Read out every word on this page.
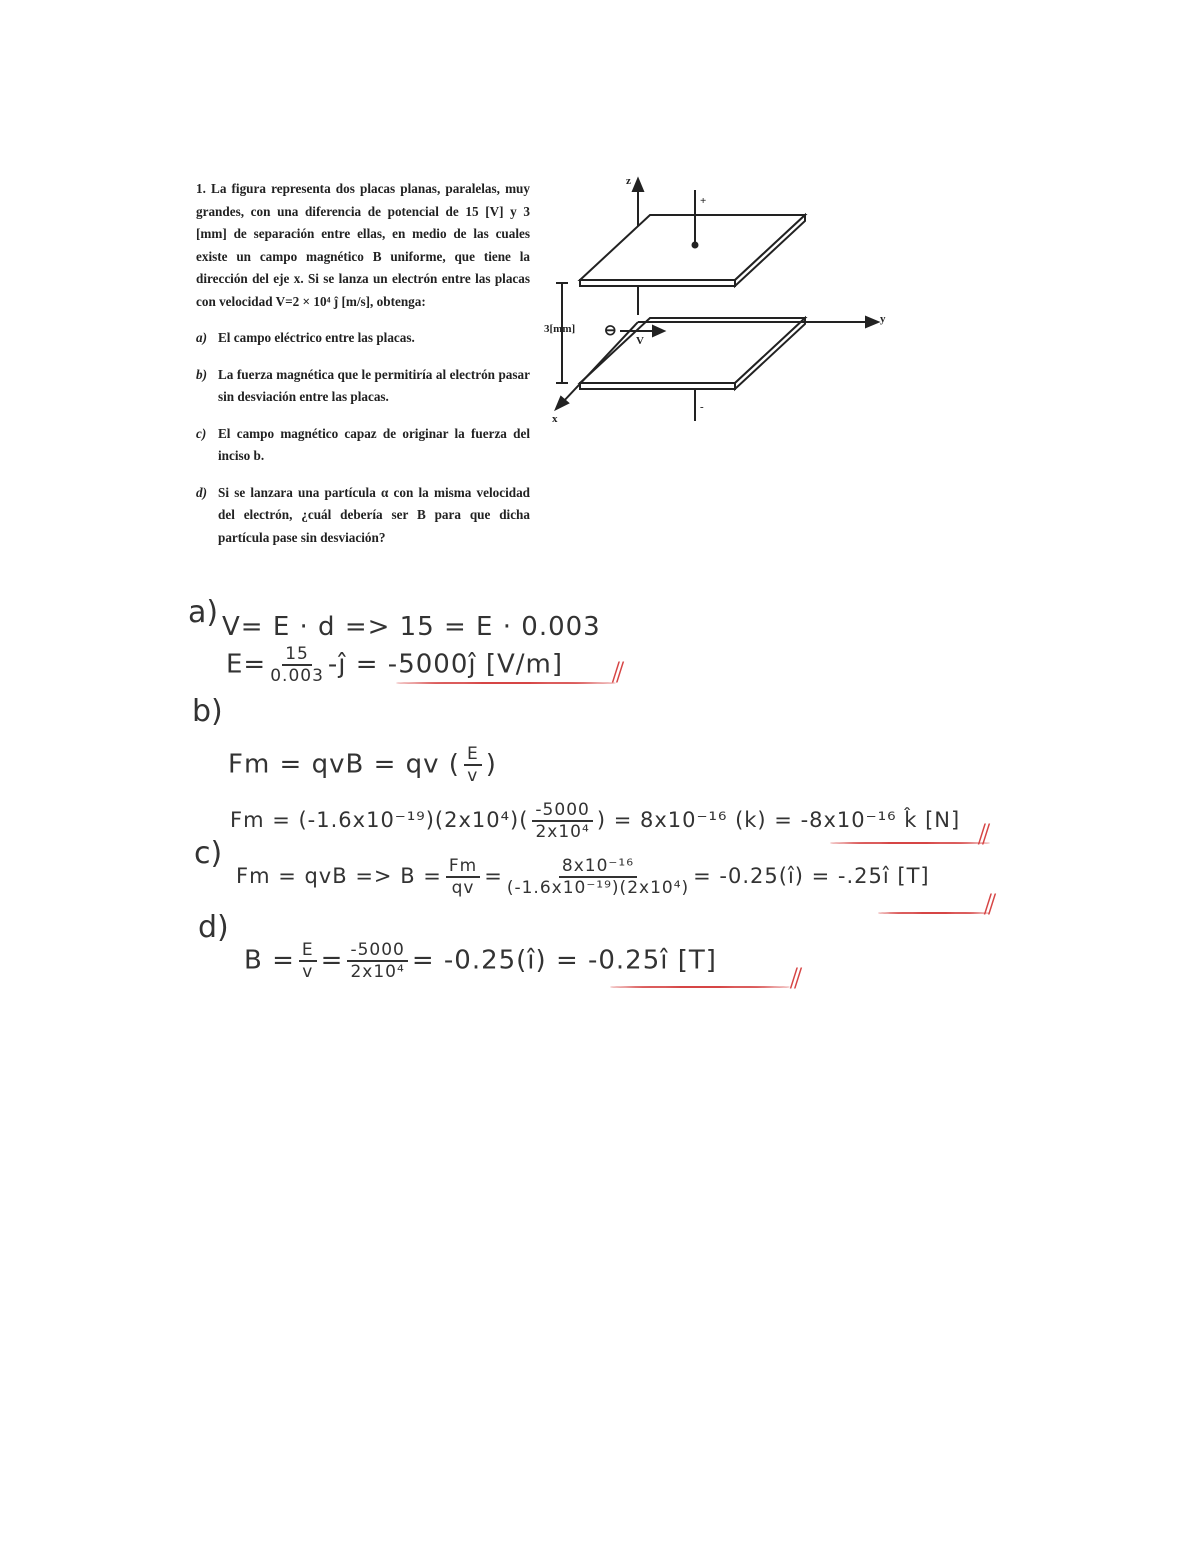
1. La figura representa dos placas planas, paralelas, muy grandes, con una diferencia de potencial de 15 [V] y 3 [mm] de separación entre ellas, en medio de las cuales existe un campo magnético B uniforme, que tiene la dirección del eje x. Si se lanza un electrón entre las placas con velocidad V=2 × 10⁴ ĵ [m/s], obtenga:

a) El campo eléctrico entre las placas.
b) La fuerza magnética que le permitiría al electrón pasar sin desviación entre las placas.
c) El campo magnético capaz de originar la fuerza del inciso b.
d) Si se lanzara una partícula α con la misma velocidad del electrón, ¿cuál debería ser B para que dicha partícula pase sin desviación?
z
y
x
+
-
3[mm] ⊖
V
a) V= E · d => 15 = E · 0.003
$E= \frac{15}{0.003}$ -ĵ = -5000ĵ [V/m] ⫽
b)
Fm = qvB = qv ( $\frac{E}{v}$ )
$Fm = (-1.6x10^{-19})(2x10^4)( \frac{-5000}{\text{2x10⁴}}$ ) = 8x10⁻¹⁶ (k) = -8x10⁻¹⁶ k̂ [N] ⫽
c)
Fm = qvB => $B = \frac{Fm}{qv} = \frac{\text{8x10⁻¹⁶}}{\text{(-1.6x10⁻¹⁹)(2x10⁴)}}$ = -0.25(î) = -.25î [T]
⫽
d)
$B = \frac{E}{v} = \frac{-5000}{\text{2x10⁴}}$ = -0.25(î) = -0.25î [T]
⫽
